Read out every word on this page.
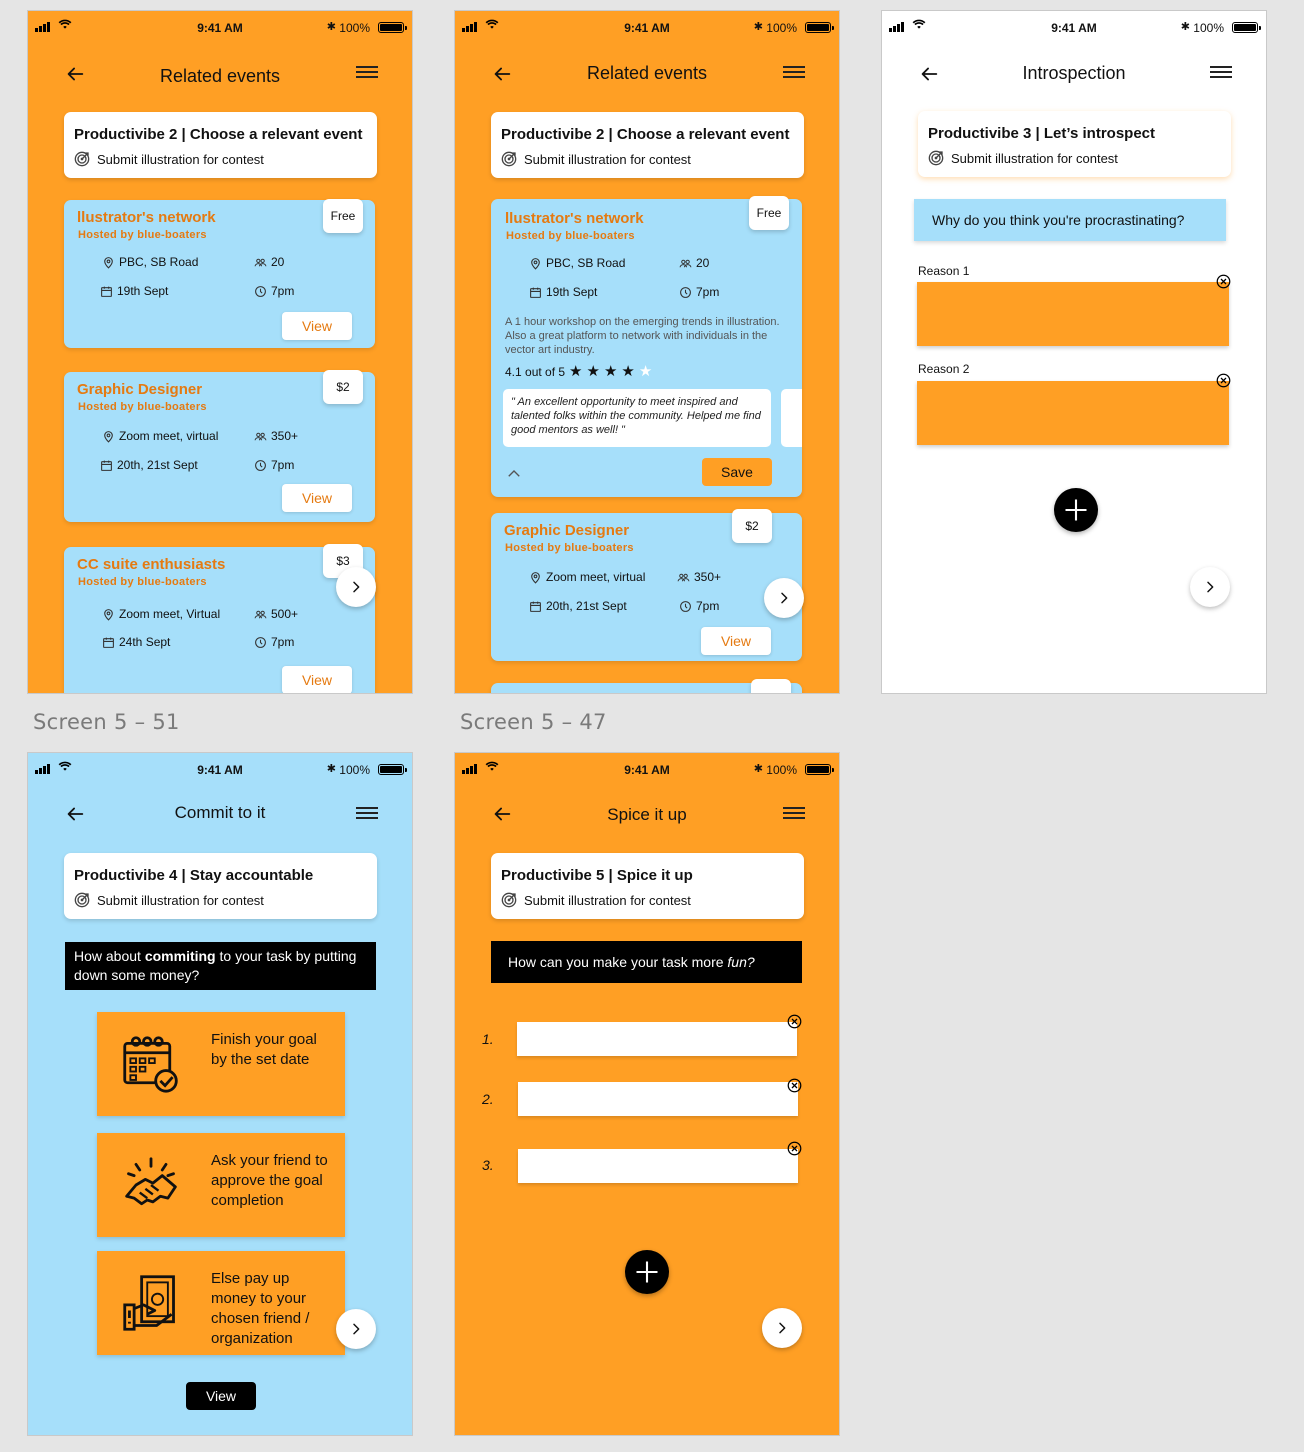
9:41 AM	✱ 100%
Related events
Productivibe 2 | Choose a relevant event
Submit illustration for contest
llustrator's network
Hosted by blue-boaters
PBC, SB Road	20
19th Sept	7pm
View
Free
Graphic Designer
Hosted by blue-boaters
Zoom meet, virtual	350+
20th, 21st Sept	7pm
View
$2
CC suite enthusiasts
Hosted by blue-boaters
Zoom meet, Virtual	500+
24th Sept	7pm
View
$3
9:41 AM	✱ 100%
Related events
Productivibe 2 | Choose a relevant event
Submit illustration for contest
llustrator's network
Hosted by blue-boaters
PBC, SB Road	20
19th Sept	7pm
A 1 hour workshop on the emerging trends in illustration. Also a great platform to network with individuals in the vector art industry.
4.1 out of 5 ★ ★ ★ ★ ★
" An excellent opportunity to meet inspired and talented folks within the community. Helped me find good mentors as well! "
Save
Free
Graphic Designer
Hosted by blue-boaters
Zoom meet, virtual	350+
20th, 21st Sept	7pm
View
$2
9:41 AM	✱ 100%
Introspection
Productivibe 3 | Let’s introspect
Submit illustration for contest
Why do you think you're procrastinating?
Reason 1
Reason 2
Screen 5 – 51	Screen 5 – 47
9:41 AM	✱ 100%
Commit to it
Productivibe 4 | Stay accountable
Submit illustration for contest
How about commiting to your task by putting down some money?
Finish your goal by the set date
Ask your friend to approve the goal completion
Else pay up money to your chosen friend / organization
View
9:41 AM	✱ 100%
Spice it up
Productivibe 5 | Spice it up
Submit illustration for contest
How can you make your task more fun?
1.
2.
3.
